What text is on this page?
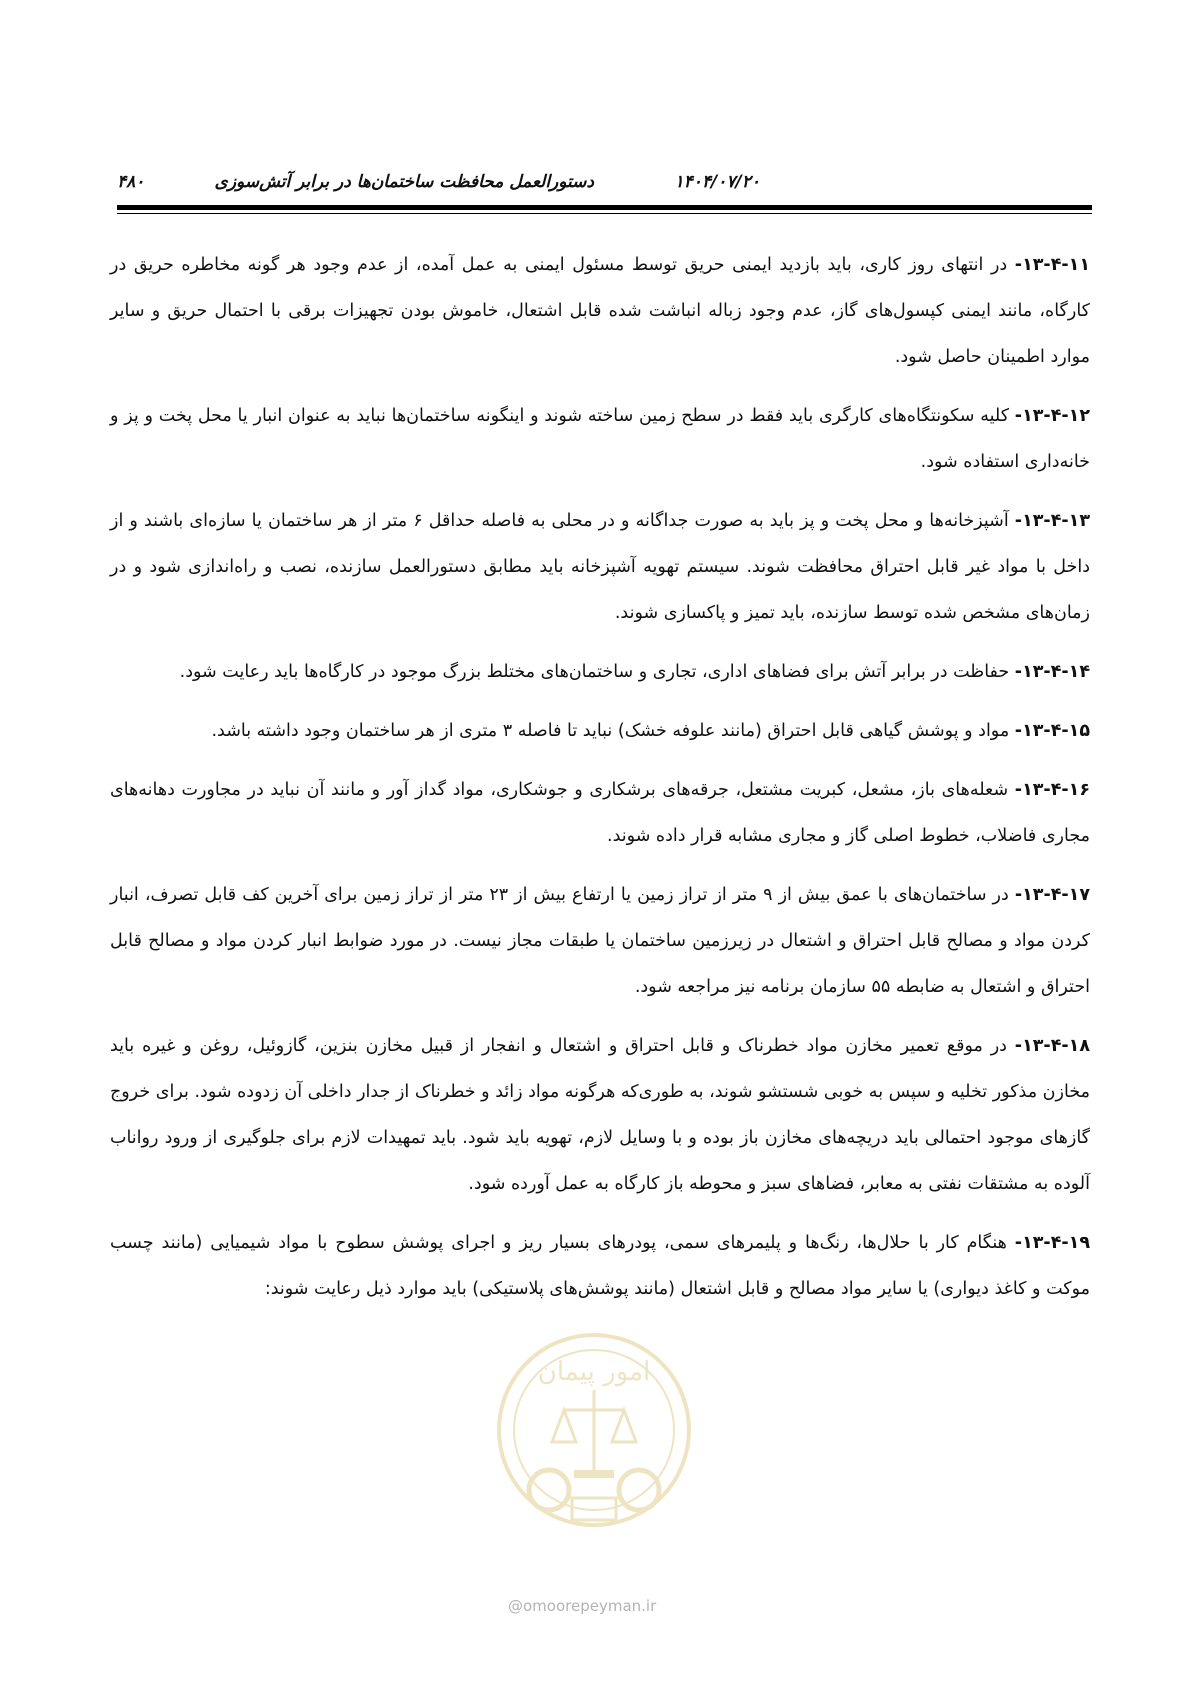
دستورالعمل محافظت ساختمان‌ها در برابر آتش‌سوزی	۱۴۰۴/۰۷/۲۰
۴۸۰
امور پیمان
@omoorepeyman.ir

۱۳-۴-۱۱- در انتهای روز کاری، باید بازدید ایمنی حریق توسط مسئول ایمنی به عمل آمده، از عدم وجود هر گونه مخاطره حریق در کارگاه، مانند ایمنی کپسول‌های گاز، عدم وجود زباله انباشت شده قابل اشتعال، خاموش بودن تجهیزات برقی با احتمال حریق و سایر موارد اطمینان حاصل شود.

۱۳-۴-۱۲- کلیه سکونتگاه‌های کارگری باید فقط در سطح زمین ساخته شوند و اینگونه ساختمان‌ها نباید به عنوان انبار یا محل پخت و پز و خانه‌داری استفاده شود.

۱۳-۴-۱۳- آشپزخانه‌ها و محل پخت و پز باید به صورت جداگانه و در محلی به فاصله حداقل ۶ متر از هر ساختمان یا سازه‌ای باشند و از داخل با مواد غیر قابل احتراق محافظت شوند. سیستم تهویه آشپزخانه باید مطابق دستورالعمل سازنده، نصب و راه‌اندازی شود و در زمان‌های مشخص شده توسط سازنده، باید تمیز و پاکسازی شوند.

۱۳-۴-۱۴- حفاظت در برابر آتش برای فضاهای اداری، تجاری و ساختمان‌های مختلط بزرگ موجود در کارگاه‌ها باید رعایت شود.

۱۳-۴-۱۵- مواد و پوشش گیاهی قابل احتراق (مانند علوفه خشک) نباید تا فاصله ۳ متری از هر ساختمان وجود داشته باشد.

۱۳-۴-۱۶- شعله‌های باز، مشعل، کبریت مشتعل، جرقه‌های برشکاری و جوشکاری، مواد گداز آور و مانند آن نباید در مجاورت دهانه‌های مجاری فاضلاب، خطوط اصلی گاز و مجاری مشابه قرار داده شوند.

۱۳-۴-۱۷- در ساختمان‌های با عمق بیش از ۹ متر از تراز زمین یا ارتفاع بیش از ۲۳ متر از تراز زمین برای آخرین کف قابل تصرف، انبار کردن مواد و مصالح قابل احتراق و اشتعال در زیرزمین ساختمان یا طبقات مجاز نیست. در مورد ضوابط انبار کردن مواد و مصالح قابل احتراق و اشتعال به ضابطه ۵۵ سازمان برنامه نیز مراجعه شود.

۱۳-۴-۱۸- در موقع تعمیر مخازن مواد خطرناک و قابل احتراق و اشتعال و انفجار از قبیل مخازن بنزین، گازوئیل، روغن و غیره باید مخازن مذکور تخلیه و سپس به خوبی شستشو شوند، به طوری‌که هرگونه مواد زائد و خطرناک از جدار داخلی آن زدوده شود. برای خروج گازهای موجود احتمالی باید دریچه‌های مخازن باز بوده و با وسایل لازم، تهویه باید شود. باید تمهیدات لازم برای جلوگیری از ورود رواناب آلوده به مشتقات نفتی به معابر، فضاهای سبز و محوطه باز کارگاه به عمل آورده شود.

۱۳-۴-۱۹- هنگام کار با حلال‌ها، رنگ‌ها و پلیمرهای سمی، پودرهای بسیار ریز و اجرای پوشش سطوح با مواد شیمیایی (مانند چسب موکت و کاغذ دیواری) یا سایر مواد مصالح و قابل اشتعال (مانند پوشش‌های پلاستیکی) باید موارد ذیل رعایت شوند:
